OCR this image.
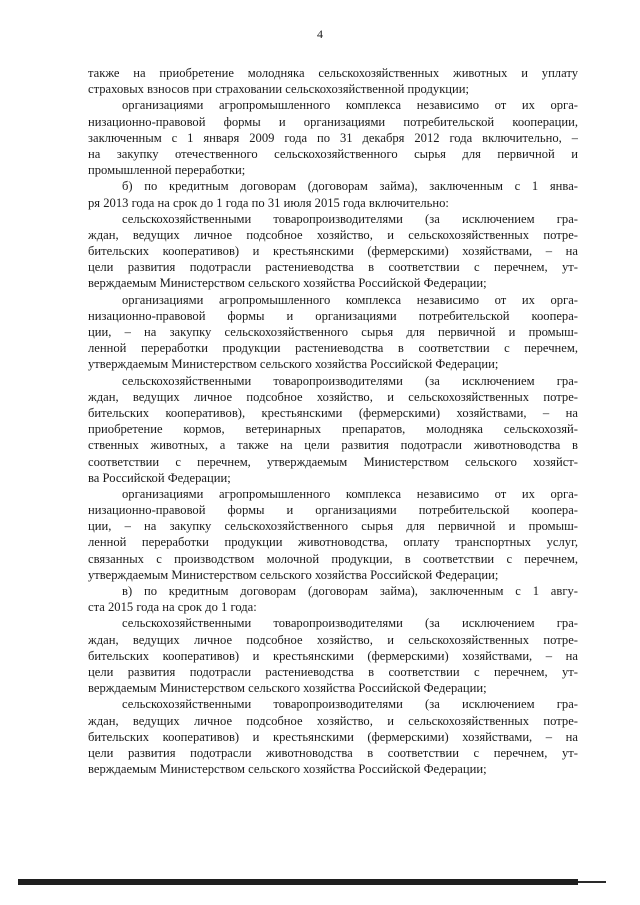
4
также на приобретение молодняка сельскохозяйственных животных и уплату
страховых взносов при страховании сельскохозяйственной продукции;
организациями агропромышленного комплекса независимо от их орга-
низационно-правовой формы и организациями потребительской кооперации,
заключенным с 1 января 2009 года по 31 декабря 2012 года включительно, –
на закупку отечественного сельскохозяйственного сырья для первичной и
промышленной переработки;
б) по кредитным договорам (договорам займа), заключенным с 1 янва-
ря 2013 года на срок до 1 года по 31 июля 2015 года включительно:
сельскохозяйственными товаропроизводителями (за исключением гра-
ждан, ведущих личное подсобное хозяйство, и сельскохозяйственных потре-
бительских кооперативов) и крестьянскими (фермерскими) хозяйствами, – на
цели развития подотрасли растениеводства в соответствии с перечнем, ут-
верждаемым Министерством сельского хозяйства Российской Федерации;
организациями агропромышленного комплекса независимо от их орга-
низационно-правовой формы и организациями потребительской коопера-
ции, – на закупку сельскохозяйственного сырья для первичной и промыш-
ленной переработки продукции растениеводства в соответствии с перечнем,
утверждаемым Министерством сельского хозяйства Российской Федерации;
сельскохозяйственными товаропроизводителями (за исключением гра-
ждан, ведущих личное подсобное хозяйство, и сельскохозяйственных потре-
бительских кооперативов), крестьянскими (фермерскими) хозяйствами, – на
приобретение кормов, ветеринарных препаратов, молодняка сельскохозяй-
ственных животных, а также на цели развития подотрасли животноводства в
соответствии с перечнем, утверждаемым Министерством сельского хозяйст-
ва Российской Федерации;
организациями агропромышленного комплекса независимо от их орга-
низационно-правовой формы и организациями потребительской коопера-
ции, – на закупку сельскохозяйственного сырья для первичной и промыш-
ленной переработки продукции животноводства, оплату транспортных услуг,
связанных с производством молочной продукции, в соответствии с перечнем,
утверждаемым Министерством сельского хозяйства Российской Федерации;
в) по кредитным договорам (договорам займа), заключенным с 1 авгу-
ста 2015 года на срок до 1 года:
сельскохозяйственными товаропроизводителями (за исключением гра-
ждан, ведущих личное подсобное хозяйство, и сельскохозяйственных потре-
бительских кооперативов) и крестьянскими (фермерскими) хозяйствами, – на
цели развития подотрасли растениеводства в соответствии с перечнем, ут-
верждаемым Министерством сельского хозяйства Российской Федерации;
сельскохозяйственными товаропроизводителями (за исключением гра-
ждан, ведущих личное подсобное хозяйство, и сельскохозяйственных потре-
бительских кооперативов) и крестьянскими (фермерскими) хозяйствами, – на
цели развития подотрасли животноводства в соответствии с перечнем, ут-
верждаемым Министерством сельского хозяйства Российской Федерации;
